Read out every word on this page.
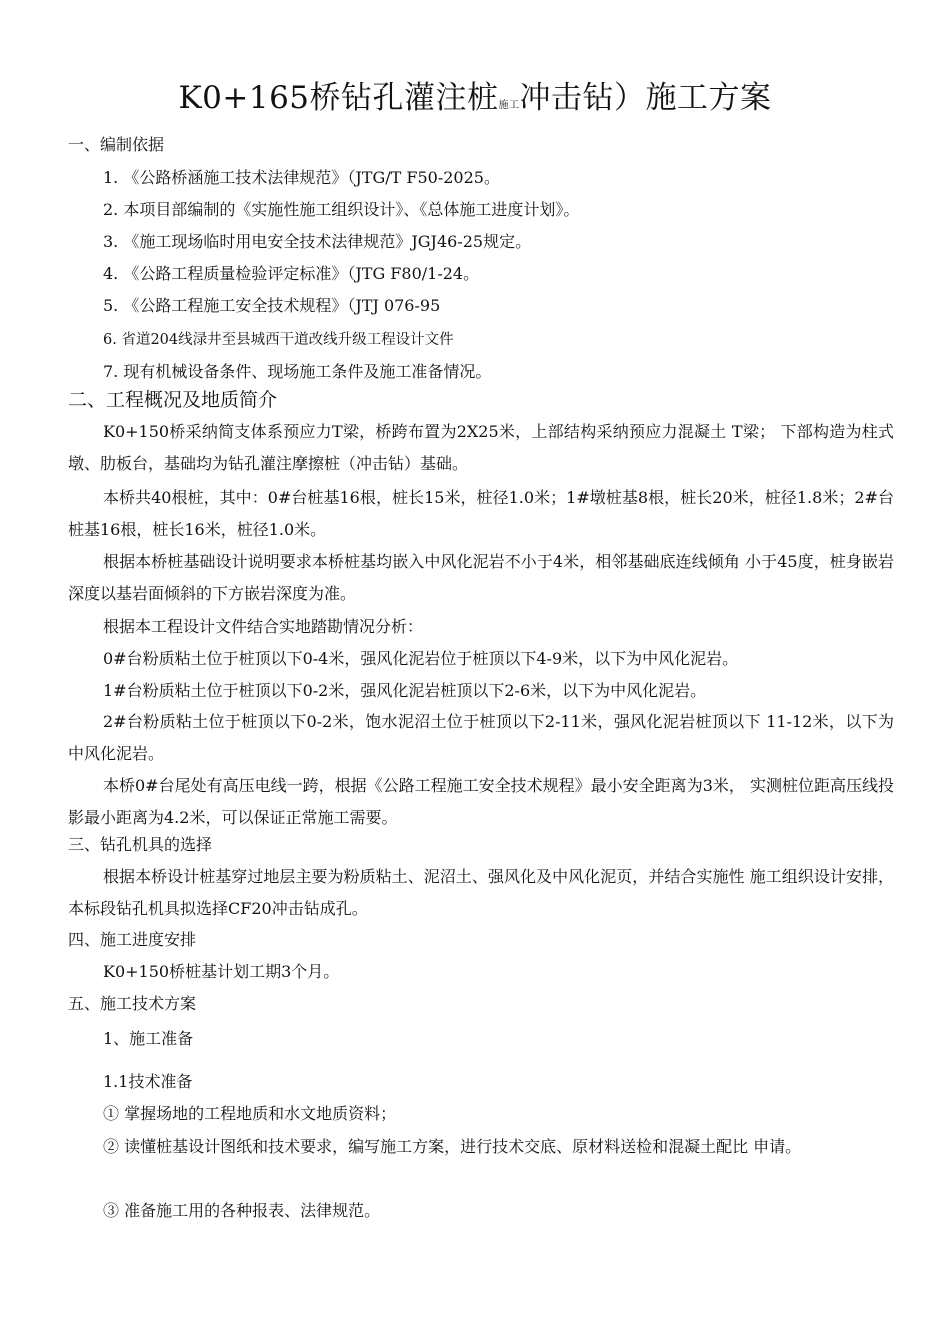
K0+165桥钻孔灌注桩施工冲击钻）施工方案
一、编制依据
1. 《公路桥涵施工技术法律规范》（JTG/T F50-2025。
2. 本项目部编制的《实施性施工组织设计》、《总体施工进度计划》。
3. 《施工现场临时用电安全技术法律规范》JGJ46-25规定。
4. 《公路工程质量检验评定标准》（JTG F80/1-24。
5. 《公路工程施工安全技术规程》（JTJ 076-95
6. 省道204线渌井至县城西干道改线升级工程设计文件
7. 现有机械设备条件、现场施工条件及施工准备情况。
二、工程概况及地质简介
K0+150桥采纳简支体系预应力T梁，桥跨布置为2X25米，上部结构采纳预应力混凝土 T梁； 下部构造为柱式墩、肋板台，基础均为钻孔灌注摩擦桩（冲击钻）基础。
本桥共40根桩，其中：0#台桩基16根，桩长15米，桩径1.0米；1#墩桩基8根，桩长20米，桩径1.8米；2#台桩基16根，桩长16米，桩径1.0米。
根据本桥桩基础设计说明要求本桥桩基均嵌入中风化泥岩不小于4米，相邻基础底连线倾角 小于45度，桩身嵌岩深度以基岩面倾斜的下方嵌岩深度为准。
根据本工程设计文件结合实地踏勘情况分析：
0#台粉质粘土位于桩顶以下0-4米，强风化泥岩位于桩顶以下4-9米，以下为中风化泥岩。
1#台粉质粘土位于桩顶以下0-2米，强风化泥岩桩顶以下2-6米，以下为中风化泥岩。
2#台粉质粘土位于桩顶以下0-2米，饱水泥沼土位于桩顶以下2-11米，强风化泥岩桩顶以下 11-12米，以下为中风化泥岩。
本桥0#台尾处有高压电线一跨，根据《公路工程施工安全技术规程》最小安全距离为3米， 实测桩位距高压线投影最小距离为4.2米，可以保证正常施工需要。
三、钻孔机具的选择
根据本桥设计桩基穿过地层主要为粉质粘土、泥沼土、强风化及中风化泥页，并结合实施性 施工组织设计安排，本标段钻孔机具拟选择CF20冲击钻成孔。
四、施工进度安排
K0+150桥桩基计划工期3个月。
五、施工技术方案
1、施工准备
1.1技术准备
① 掌握场地的工程地质和水文地质资料；
② 读懂桩基设计图纸和技术要求，编写施工方案，进行技术交底、原材料送检和混凝土配比 申请。
③ 准备施工用的各种报表、法律规范。
